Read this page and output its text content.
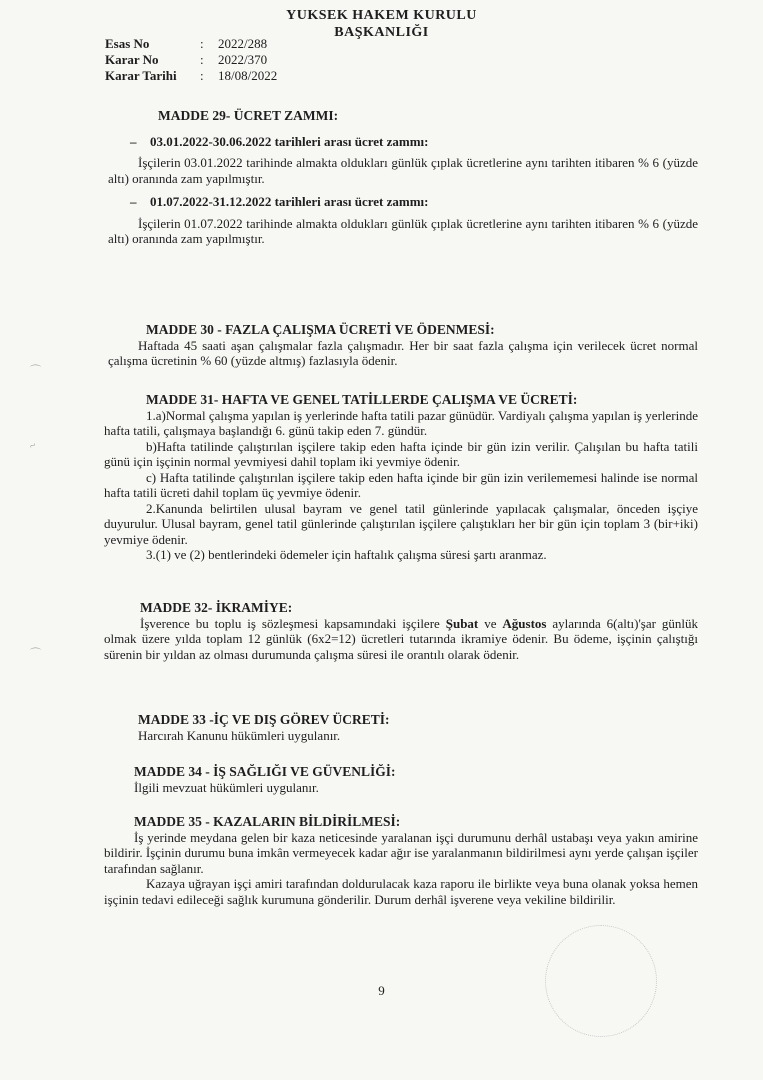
YUKSEK HAKEM KURULU
BAŞKANLIĞI
Esas No	:	2022/288
Karar No	:	2022/370
Karar Tarihi	:	18/08/2022
MADDE 29- ÜCRET ZAMMI:
– 03.01.2022-30.06.2022 tarihleri arası ücret zammı:
İşçilerin 03.01.2022 tarihinde almakta oldukları günlük çıplak ücretlerine aynı tarihten itibaren % 6 (yüzde altı) oranında zam yapılmıştır.
– 01.07.2022-31.12.2022 tarihleri arası ücret zammı:
İşçilerin 01.07.2022 tarihinde almakta oldukları günlük çıplak ücretlerine aynı tarihten itibaren % 6 (yüzde altı) oranında zam yapılmıştır.
MADDE 30 - FAZLA ÇALIŞMA ÜCRETİ VE ÖDENMESİ:
Haftada 45 saati aşan çalışmalar fazla çalışmadır. Her bir saat fazla çalışma için verilecek ücret normal çalışma ücretinin % 60 (yüzde altmış) fazlasıyla ödenir.
MADDE 31- HAFTA VE GENEL TATİLLERDE ÇALIŞMA VE ÜCRETİ:
1.a)Normal çalışma yapılan iş yerlerinde hafta tatili pazar günüdür. Vardiyalı çalışma yapılan iş yerlerinde hafta tatili, çalışmaya başlandığı 6. günü takip eden 7. gündür.
b)Hafta tatilinde çalıştırılan işçilere takip eden hafta içinde bir gün izin verilir. Çalışılan bu hafta tatili günü için işçinin normal yevmiyesi dahil toplam iki yevmiye ödenir.
c) Hafta tatilinde çalıştırılan işçilere takip eden hafta içinde bir gün izin verilememesi halinde ise normal hafta tatili ücreti dahil toplam üç yevmiye ödenir.
2.Kanunda belirtilen ulusal bayram ve genel tatil günlerinde yapılacak çalışmalar, önceden işçiye duyurulur. Ulusal bayram, genel tatil günlerinde çalıştırılan işçilere çalıştıkları her bir gün için toplam 3 (bir+iki) yevmiye ödenir.
3.(1) ve (2) bentlerindeki ödemeler için haftalık çalışma süresi şartı aranmaz.
MADDE 32- İKRAMİYE:
İşverence bu toplu iş sözleşmesi kapsamındaki işçilere Şubat ve Ağustos aylarında 6(altı)'şar günlük olmak üzere yılda toplam 12 günlük (6x2=12) ücretleri tutarında ikramiye ödenir. Bu ödeme, işçinin çalıştığı sürenin bir yıldan az olması durumunda çalışma süresi ile orantılı olarak ödenir.
MADDE 33 -İÇ VE DIŞ GÖREV ÜCRETİ:
Harcırah Kanunu hükümleri uygulanır.
MADDE 34 - İŞ SAĞLIĞI VE GÜVENLİĞİ:
İlgili mevzuat hükümleri uygulanır.
MADDE 35 - KAZALARIN BİLDİRİLMESİ:
İş yerinde meydana gelen bir kaza neticesinde yaralanan işçi durumunu derhâl ustabaşı veya yakın amirine bildirir. İşçinin durumu buna imkân vermeyecek kadar ağır ise yaralanmanın bildirilmesi aynı yerde çalışan işçiler tarafından sağlanır.
Kazaya uğrayan işçi amiri tarafından doldurulacak kaza raporu ile birlikte veya buna olanak yoksa hemen işçinin tedavi edileceği sağlık kurumuna gönderilir. Durum derhâl işverene veya vekiline bildirilir.
9
⌒
⌒
~
